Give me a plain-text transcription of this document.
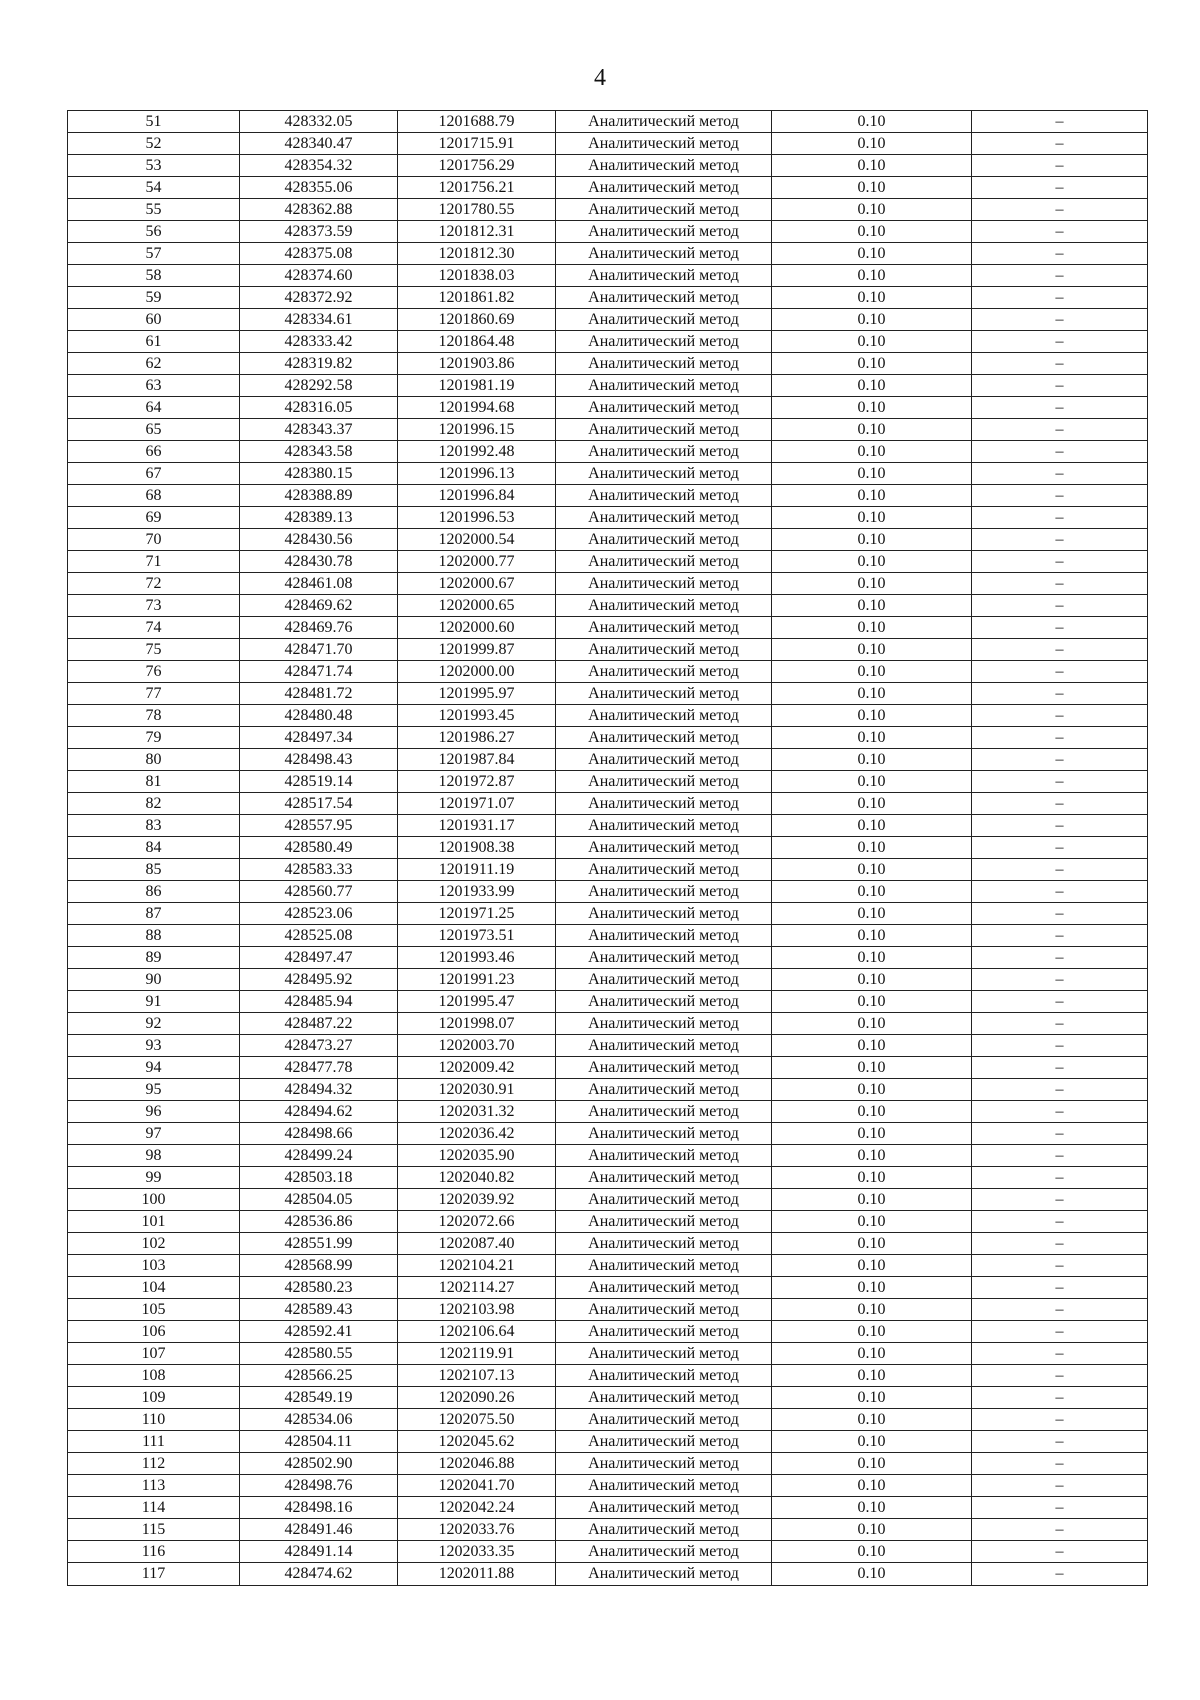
4
51	428332.05	1201688.79	Аналитический метод	0.10	–
52	428340.47	1201715.91	Аналитический метод	0.10	–
53	428354.32	1201756.29	Аналитический метод	0.10	–
54	428355.06	1201756.21	Аналитический метод	0.10	–
55	428362.88	1201780.55	Аналитический метод	0.10	–
56	428373.59	1201812.31	Аналитический метод	0.10	–
57	428375.08	1201812.30	Аналитический метод	0.10	–
58	428374.60	1201838.03	Аналитический метод	0.10	–
59	428372.92	1201861.82	Аналитический метод	0.10	–
60	428334.61	1201860.69	Аналитический метод	0.10	–
61	428333.42	1201864.48	Аналитический метод	0.10	–
62	428319.82	1201903.86	Аналитический метод	0.10	–
63	428292.58	1201981.19	Аналитический метод	0.10	–
64	428316.05	1201994.68	Аналитический метод	0.10	–
65	428343.37	1201996.15	Аналитический метод	0.10	–
66	428343.58	1201992.48	Аналитический метод	0.10	–
67	428380.15	1201996.13	Аналитический метод	0.10	–
68	428388.89	1201996.84	Аналитический метод	0.10	–
69	428389.13	1201996.53	Аналитический метод	0.10	–
70	428430.56	1202000.54	Аналитический метод	0.10	–
71	428430.78	1202000.77	Аналитический метод	0.10	–
72	428461.08	1202000.67	Аналитический метод	0.10	–
73	428469.62	1202000.65	Аналитический метод	0.10	–
74	428469.76	1202000.60	Аналитический метод	0.10	–
75	428471.70	1201999.87	Аналитический метод	0.10	–
76	428471.74	1202000.00	Аналитический метод	0.10	–
77	428481.72	1201995.97	Аналитический метод	0.10	–
78	428480.48	1201993.45	Аналитический метод	0.10	–
79	428497.34	1201986.27	Аналитический метод	0.10	–
80	428498.43	1201987.84	Аналитический метод	0.10	–
81	428519.14	1201972.87	Аналитический метод	0.10	–
82	428517.54	1201971.07	Аналитический метод	0.10	–
83	428557.95	1201931.17	Аналитический метод	0.10	–
84	428580.49	1201908.38	Аналитический метод	0.10	–
85	428583.33	1201911.19	Аналитический метод	0.10	–
86	428560.77	1201933.99	Аналитический метод	0.10	–
87	428523.06	1201971.25	Аналитический метод	0.10	–
88	428525.08	1201973.51	Аналитический метод	0.10	–
89	428497.47	1201993.46	Аналитический метод	0.10	–
90	428495.92	1201991.23	Аналитический метод	0.10	–
91	428485.94	1201995.47	Аналитический метод	0.10	–
92	428487.22	1201998.07	Аналитический метод	0.10	–
93	428473.27	1202003.70	Аналитический метод	0.10	–
94	428477.78	1202009.42	Аналитический метод	0.10	–
95	428494.32	1202030.91	Аналитический метод	0.10	–
96	428494.62	1202031.32	Аналитический метод	0.10	–
97	428498.66	1202036.42	Аналитический метод	0.10	–
98	428499.24	1202035.90	Аналитический метод	0.10	–
99	428503.18	1202040.82	Аналитический метод	0.10	–
100	428504.05	1202039.92	Аналитический метод	0.10	–
101	428536.86	1202072.66	Аналитический метод	0.10	–
102	428551.99	1202087.40	Аналитический метод	0.10	–
103	428568.99	1202104.21	Аналитический метод	0.10	–
104	428580.23	1202114.27	Аналитический метод	0.10	–
105	428589.43	1202103.98	Аналитический метод	0.10	–
106	428592.41	1202106.64	Аналитический метод	0.10	–
107	428580.55	1202119.91	Аналитический метод	0.10	–
108	428566.25	1202107.13	Аналитический метод	0.10	–
109	428549.19	1202090.26	Аналитический метод	0.10	–
110	428534.06	1202075.50	Аналитический метод	0.10	–
111	428504.11	1202045.62	Аналитический метод	0.10	–
112	428502.90	1202046.88	Аналитический метод	0.10	–
113	428498.76	1202041.70	Аналитический метод	0.10	–
114	428498.16	1202042.24	Аналитический метод	0.10	–
115	428491.46	1202033.76	Аналитический метод	0.10	–
116	428491.14	1202033.35	Аналитический метод	0.10	–
117	428474.62	1202011.88	Аналитический метод	0.10	–
